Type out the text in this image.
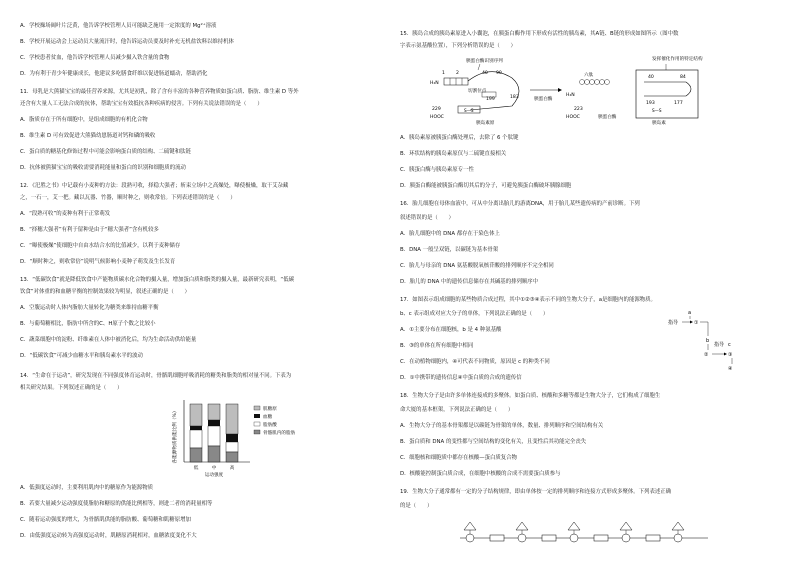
A．学校操场阔叶片泛黄，他告诉学校管理人员可能缺乏施用一定浓度的 Mg²⁺溶液
B．学校开展运动会上运动员大量流汗时，他告诉运动员要及时补充无机盐饮料以维持机体
C．学校患者贫血，他告诉学校管理人员减少摄入铁含量的食物
D．为有利于青少年健康成长，他建议多吃膳食纤维以促进肠道蠕动，帮助消化
11．母乳是大熊猫宝宝的最佳营养来源，尤其是初乳，除了含有丰富的各种营养物质如蛋白质、脂肪、维生素 D 等外
还含有大量人工无法合成的抗体，帮助宝宝有效抵抗各种疾病的侵害。下列有关说法错误的是（　　）
A．脂质存在于所有细胞中，是组成细胞的有机化合物
B．维生素 D 可有效促进大熊猫幼崽肠道对钙和磷的吸收
C．蛋白质的糖基化修饰过程中可能会影响蛋白质的结构、二硫键和肽链
D．抗体被熊猫宝宝的吸收需要消耗能量和蛋白的识别和细胞质的流动
12．《汜胜之书》中记载有小麦种的方法：段熟可收，择稳大强者；斩束立场中之高燥处，曝使极燥，取干艾杂藏
之，一石一，艾一把。藏以瓦器、竹器，顺时种之，则收常倍。下列表述错误的是（　　）
A．“段熟可收”的麦种有利于正常萌发
B．“择穗大强者”有利于留种是由于“穗大强者”含有机较多
C．“曝使极燥”使细胞中自由水结合水的比值减少，以利于麦种储存
D．“顺时种之，则收常倍”说明气候影响小麦种子萌发及生长发育
13．“低碳饮食”就是降低饮食中产能物质碳水化合物的摄入量，增加蛋白质和脂类的摄入量，最新研究表明，“低碳
饮食”对体重的和血糖平衡的控制效果较为明显，叙述正确的是（　　）
A．空腹运动时人体内脂肪大量转化为糖类来维持血糖平衡
B．与葡萄糖相比，脂肪中所含的C、H原子个数之比较小
C．蔬菜细胞中的淀粉、纤维素在人体中被消化后，均为生命活动供给能量
D．“低碳饮食”可减少血糖水平和胰岛素水平的波动
14．“生命在于运动”，研究发现在不同强度体育运动时，骨骼肌细胞呼吸消耗的糖类和脂类的相对量不同。下表为
相关研究结果。下列叙述正确的是（　　）
各能源物质供能比例（%）
低	中	高
运动强度
肌糖原
血糖
脂肪酸
骨骼肌内的脂肪
A．低强度运动时，主要利用肌肉中的糖原作为能源物质
B．若要大量减少运动强度使脂肪和糖原的供能比例相等，则进二者的消耗量相等
C．随着运动强度的增大，为骨骼肌供能的脂肪酸、葡萄糖和肌糖原增加
D．由低强度运动转为高强度运动时，肌糖原消耗相对，血糖浓度变化不大
15．胰岛合成的胰岛素原进入小囊泡，在胰蛋白酶作用下形成有活性的胰岛素，其A链、B链的形成如图所示（图中数
字表示氨基酸位置），下列分析错误的是（　　）
胰蛋白酶识别序列
H₂N
1 2	40 90
切割位点
199	183
229
HOOC
S—S
胰岛素原
胰蛋白酶
六肽
H₂N
223
HOOC	胰蛋白酶
发挥催化作用的特定结构
40	84
193	177
S—S
胰岛素
A．胰岛素原被胰蛋白酶处理后，去除了 6 个肽键
B．环状结构的胰岛素原仅与二硫键直接相关
C．胰蛋白酶与胰岛素原专一性
D．胰蛋白酶能被胰蛋白酶切其后的分子，可避免胰蛋白酶破坏胰腺细胞
16．胎儿细胞在母体血液中，可从中分离出胎儿的游离DNA，用于胎儿某些遗传病的产前诊断。下列
叙述错误的是（　　）
A．胎儿细胞中的 DNA 都存在于染色体上
B．DNA 一般呈双链，以碳链为基本骨架
C．胎儿与母亲的 DNA 氨基酸脱氧核苷酸的排列顺序不完全相同
D．胎儿的 DNA 中的遗传信息储存在其碱基的排列顺序中
17．如图表示组成细胞的某些物质合成过程，其中①②③④表示不同的生物大分子，a是细胞内的能源物质。
b、c 表示组成对应大分子的单体，下列说法正确的是（　　）
指导	①
a
b
指导
②	③
c
④
A．①主要分布在细胞核，b 是 4 种氨基酸
B．③的单体在所有细胞中相同
C．在动植物细胞内，④可代表不同物质，原因是 c 的种类不同
D．①中携带的遗传信息④中蛋白质的合成的遗传信
18．生物大分子是由许多单体连接成的多聚体。如蛋白质、核酸和多糖等都是生物大分子，它们构成了细胞生
命大厦的基本框架，下列说法正确的是（　　）
A．生物大分子的基本骨架都是以碳链为骨架的单体，数量、排列顺序和空间结构有关
B．蛋白质和 DNA 的变性都与空间结构的变化有关，且变性后其功能完全丧失
C．细胞核和细胞质中都存在核酸—蛋白质复合物
D．核酸能控制蛋白质合成，在细胞中核酸的合成不需要蛋白质参与
19．生物大分子通常都有一定的分子结构规律，即由单体按一定的排列顺序和连接方式形成多聚体。下列表述正确
的是（　　）
